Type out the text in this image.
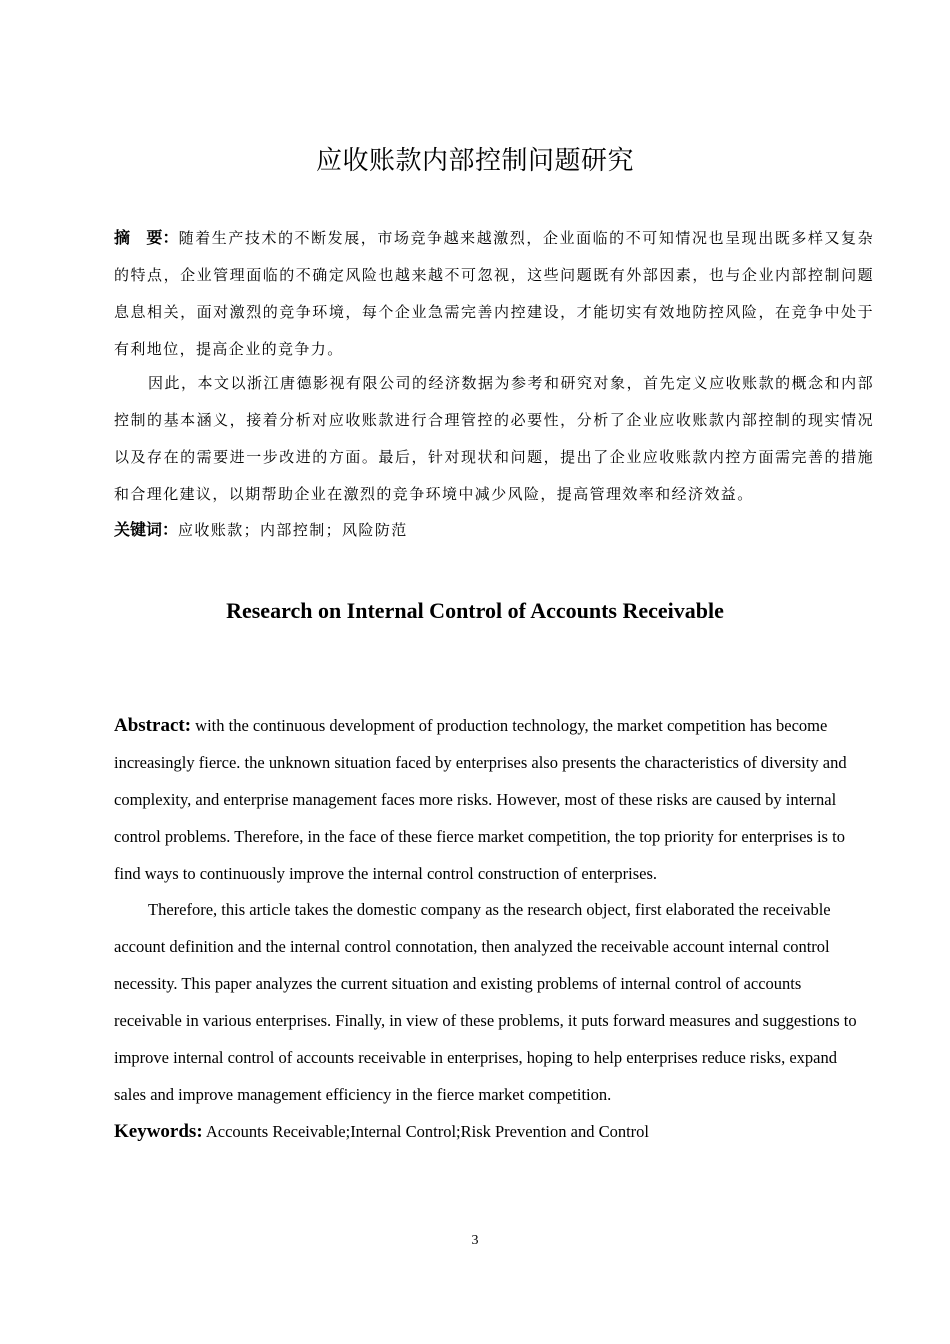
应收账款内部控制问题研究
摘　要：随着生产技术的不断发展，市场竞争越来越激烈，企业面临的不可知情况也呈现出既多样又复杂的特点，企业管理面临的不确定风险也越来越不可忽视，这些问题既有外部因素，也与企业内部控制问题息息相关，面对激烈的竞争环境，每个企业急需完善内控建设，才能切实有效地防控风险，在竞争中处于有利地位，提高企业的竞争力。
因此，本文以浙江唐德影视有限公司的经济数据为参考和研究对象，首先定义应收账款的概念和内部控制的基本涵义，接着分析对应收账款进行合理管控的必要性，分析了企业应收账款内部控制的现实情况以及存在的需要进一步改进的方面。最后，针对现状和问题，提出了企业应收账款内控方面需完善的措施和合理化建议，以期帮助企业在激烈的竞争环境中减少风险，提高管理效率和经济效益。
关键词：应收账款；内部控制；风险防范
Research on Internal Control of Accounts Receivable
Abstract: with the continuous development of production technology, the market competition has become increasingly fierce. the unknown situation faced by enterprises also presents the characteristics of diversity and complexity, and enterprise management faces more risks. However, most of these risks are caused by internal control problems. Therefore, in the face of these fierce market competition, the top priority for enterprises is to find ways to continuously improve the internal control construction of enterprises.
Therefore, this article takes the domestic company as the research object, first elaborated the receivable account definition and the internal control connotation, then analyzed the receivable account internal control necessity. This paper analyzes the current situation and existing problems of internal control of accounts receivable in various enterprises. Finally, in view of these problems, it puts forward measures and suggestions to improve internal control of accounts receivable in enterprises, hoping to help enterprises reduce risks, expand sales and improve management efficiency in the fierce market competition.
Keywords: Accounts Receivable;Internal Control;Risk Prevention and Control
3
